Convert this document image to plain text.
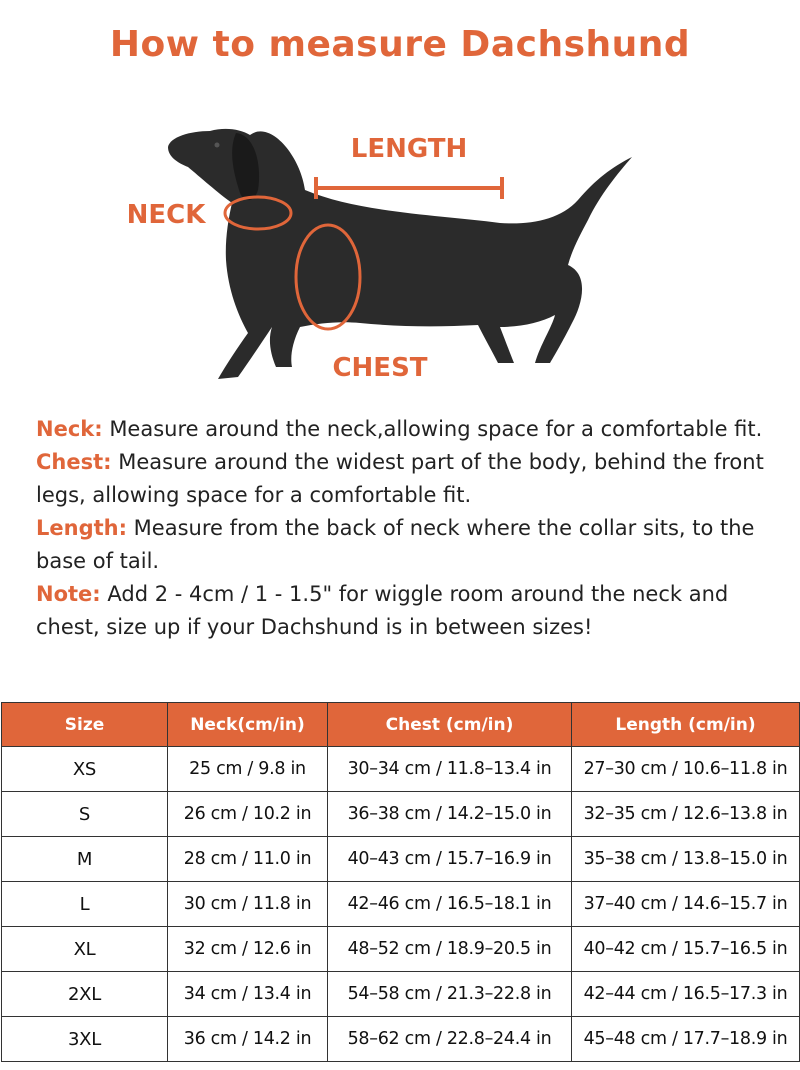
How to measure Dachshund
LENGTH
NECK
CHEST

Neck: Measure around the neck,allowing space for a comfortable fit.

Chest: Measure around the widest part of the body, behind the front legs, allowing space for a comfortable fit.

Length: Measure from the back of neck where the collar sits, to the base of tail.

Note: Add 2 - 4cm / 1 - 1.5" for wiggle room around the neck and chest, size up if your Dachshund is in between sizes!

Size	Neck(cm/in)	Chest (cm/in)	Length (cm/in)
XS	25 cm / 9.8 in	30–34 cm / 11.8–13.4 in	27–30 cm / 10.6–11.8 in
S	26 cm / 10.2 in	36–38 cm / 14.2–15.0 in	32–35 cm / 12.6–13.8 in
M	28 cm / 11.0 in	40–43 cm / 15.7–16.9 in	35–38 cm / 13.8–15.0 in
L	30 cm / 11.8 in	42–46 cm / 16.5–18.1 in	37–40 cm / 14.6–15.7 in
XL	32 cm / 12.6 in	48–52 cm / 18.9–20.5 in	40–42 cm / 15.7–16.5 in
2XL	34 cm / 13.4 in	54–58 cm / 21.3–22.8 in	42–44 cm / 16.5–17.3 in
3XL	36 cm / 14.2 in	58–62 cm / 22.8–24.4 in	45–48 cm / 17.7–18.9 in
